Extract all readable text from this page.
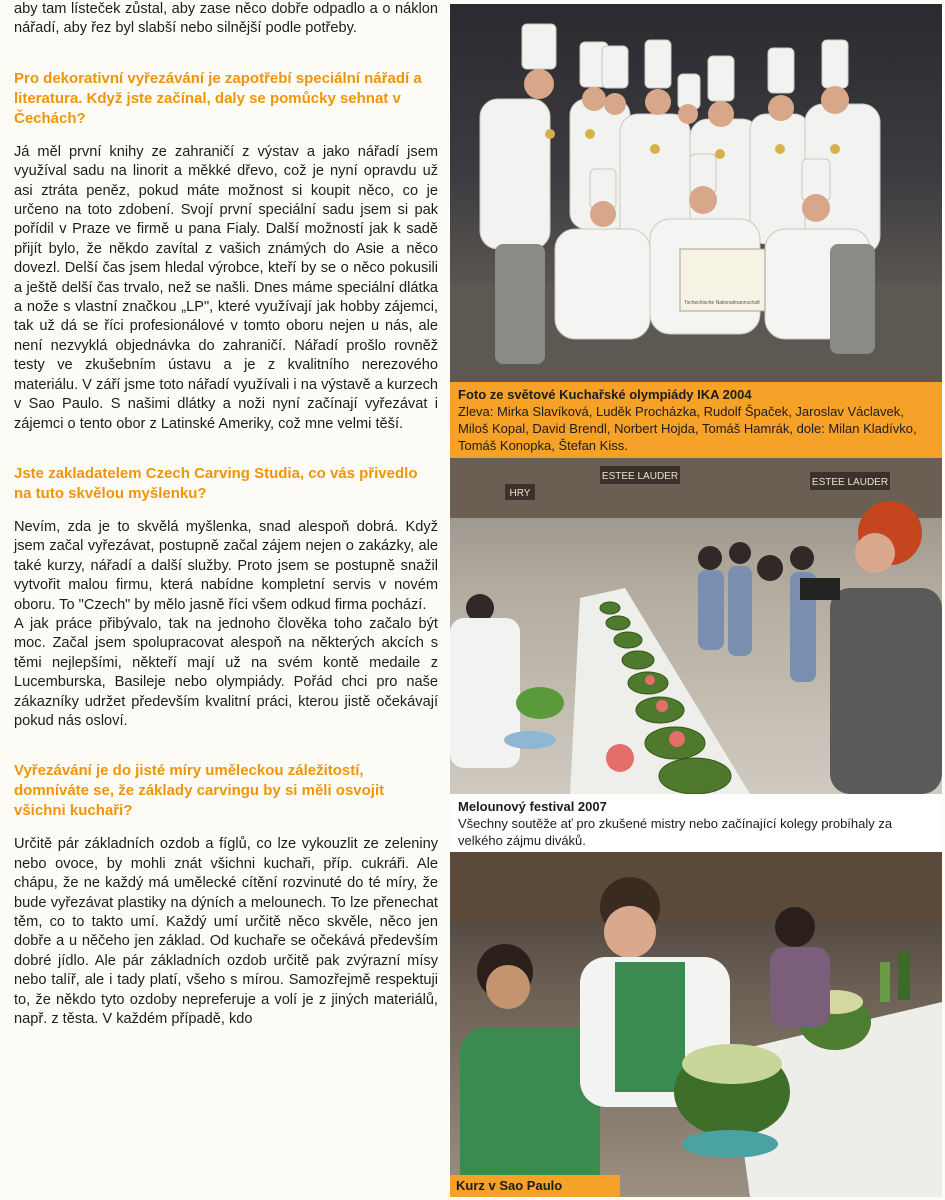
aby tam lísteček zůstal, aby zase něco dobře odpadlo a o náklon nářadí, aby řez byl slabší nebo silnější podle potřeby.

Pro dekorativní vyřezávání je zapotřebí speciální nářadí a literatura. Když jste začínal, daly se pomůcky sehnat v Čechách?

Já měl první knihy ze zahraničí z výstav a jako nářadí jsem využíval sadu na linorit a měkké dřevo, což je nyní opravdu už asi ztráta peněz, pokud máte možnost si koupit něco, co je určeno na toto zdobení. Svojí první speciální sadu jsem si pak pořídil v Praze ve firmě u pana Fialy. Další možností jak k sadě přijít bylo, že někdo zavítal z vašich známých do Asie a něco dovezl. Delší čas jsem hledal výrobce, kteří by se o něco pokusili a ještě delší čas trvalo, než se našli. Dnes máme speciální dlátka a nože s vlastní značkou „LP", které využívají jak hobby zájemci, tak už dá se říci profesionálové v tomto oboru nejen u nás, ale není nezvyklá objednávka do zahraničí. Nářadí prošlo rovněž testy ve zkušebním ústavu a je z kvalitního nerezového materiálu. V září jsme toto nářadí využívali i na výstavě a kurzech v Sao Paulo. S našimi dlátky a noži nyní začínají vyřezávat i zájemci o tento obor z Latinské Ameriky, což mne velmi těší.

Jste zakladatelem Czech Carving Studia, co vás přivedlo na tuto skvělou myšlenku?

Nevím, zda je to skvělá myšlenka, snad alespoň dobrá. Když jsem začal vyřezávat, postupně začal zájem nejen o zakázky, ale také kurzy, nářadí a další služby. Proto jsem se postupně snažil vytvořit malou firmu, která nabídne kompletní servis v novém oboru. To "Czech" by mělo jasně říci všem odkud firma pochází.

A jak práce přibývalo, tak na jednoho člověka toho začalo být moc. Začal jsem spolupracovat alespoň na některých akcích s těmi nejlepšími, někteří mají už na svém kontě medaile z Lucemburska, Basileje nebo olympiády. Pořád chci pro naše zákazníky udržet především kvalitní práci, kterou jistě očekávají pokud nás osloví.

Vyřezávání je do jisté míry uměleckou záležitostí, domníváte se, že základy carvingu by si měli osvojit všichni kuchaři?

Určitě pár základních ozdob a fíglů, co lze vykouzlit ze zeleniny nebo ovoce, by mohli znát všichni kuchaři, příp. cukráři. Ale chápu, že ne každý má umělecké cítění rozvinuté do té míry, že bude vyřezávat plastiky na dýních a melounech. To lze přenechat těm, co to takto umí. Každý umí určitě něco skvěle, něco jen dobře a u něčeho jen základ. Od kuchaře se očekává především dobré jídlo. Ale pár základních ozdob určitě pak zvýrazní mísy nebo talíř, ale i tady platí, všeho s mírou. Samozřejmě respektuji to, že někdo tyto ozdoby nepreferuje a volí je z jiných materiálů, např. z těsta. V každém případě, kdo

Tschechische Nationalmannschaft
Foto ze světové Kuchařské olympiády IKA 2004
Zleva: Mirka Slavíková, Luděk Procházka, Rudolf Špaček, Jaroslav Václavek, Miloš Kopal, David Brendl, Norbert Hojda, Tomáš Hamrák, dole: Milan Kladívko, Tomáš Konopka, Štefan Kiss.
ESTEE LAUDER
ESTEE LAUDER
HRY
Melounový festival 2007
Všechny soutěže ať pro zkušené mistry nebo začínající kolegy probíhaly za velkého zájmu diváků.
Kurz v Sao Paulo
